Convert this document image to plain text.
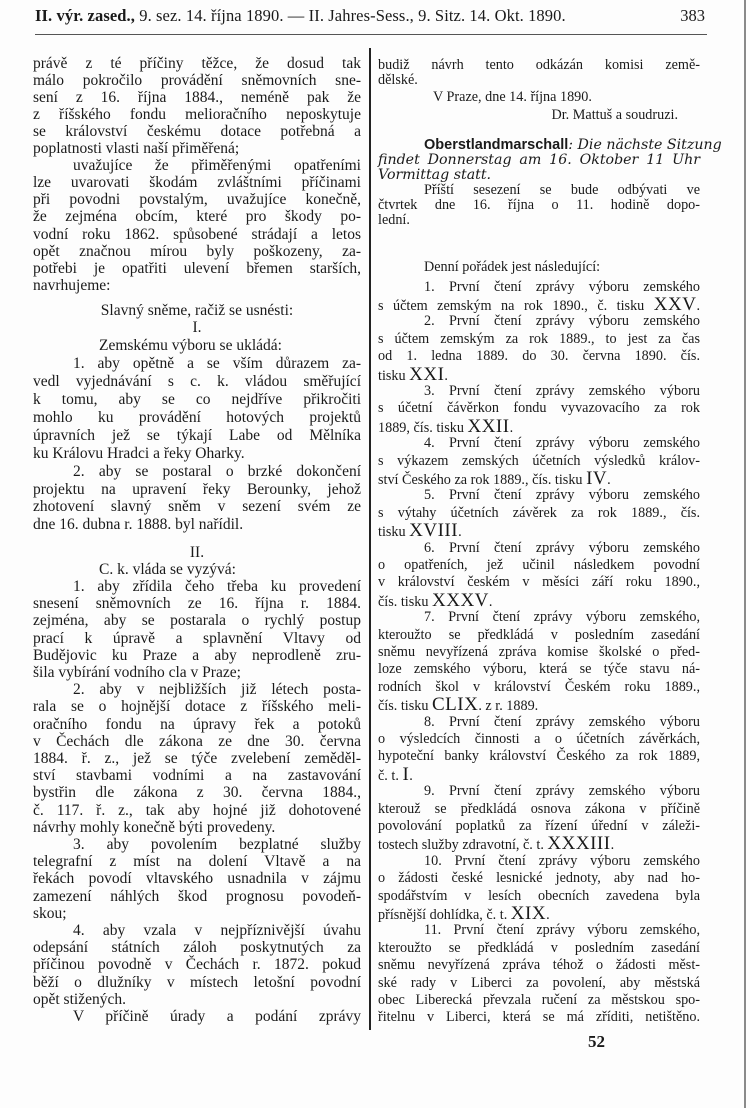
II. výr. zased., 9. sez. 14. října 1890. — II. Jahres-Sess., 9. Sitz. 14. Okt. 1890.	383
právě z té příčiny těžce, že dosud tak
málo pokročilo provádění sněmovních sne-
sení z 16. října 1884., neméně pak že
z říšského fondu melioračního neposkytuje
se království českému dotace potřebná a
poplatnosti vlasti naší přiměřená;
uvažujíce že přiměřenými opatřeními
lze uvarovati škodám zvláštními příčinami
při povodni povstalým, uvažujíce konečně,
že zejména obcím, které pro škody po-
vodní roku 1862. spůsobené strádají a letos
opět značnou mírou byly poškozeny, za-
potřebi je opatřiti ulevení břemen starších,
navrhujeme:
Slavný sněme, račiž se usnésti:
I.
Zemskému výboru se ukládá:
1. aby opětně a se vším důrazem za-
vedl vyjednávání s c. k. vládou směřující
k tomu, aby se co nejdříve přikročiti
mohlo ku provádění hotových projektů
úpravních jež se týkají Labe od Mělníka
ku Královu Hradci a řeky Oharky.
2. aby se postaral o brzké dokončení
projektu na upravení řeky Berounky, jehož
zhotovení slavný sněm v sezení svém ze
dne 16. dubna r. 1888. byl nařídil.
II.
C. k. vláda se vyzývá:
1. aby zřídila čeho třeba ku provedení
snesení sněmovních ze 16. října r. 1884.
zejména, aby se postarala o rychlý postup
prací k úpravě a splavnění Vltavy od
Budějovic ku Praze a aby neprodleně zru-
šila vybírání vodního cla v Praze;
2. aby v nejbližších již létech posta-
rala se o hojnější dotace z říšského meli-
oračního fondu na úpravy řek a potoků
v Čechách dle zákona ze dne 30. června
1884. ř. z., jež se týče zvelebení zeměděl-
ství stavbami vodními a na zastavování
bystřin dle zákona z 30. června 1884.,
č. 117. ř. z., tak aby hojné již dohotovené
návrhy mohly konečně býti provedeny.
3. aby povolením bezplatné služby
telegrafní z míst na dolení Vltavě a na
řekách povodí vltavského usnadnila v zájmu
zamezení náhlých škod prognosu povodeň-
skou;
4. aby vzala v nejpříznivější úvahu
odepsání státních záloh poskytnutých za
příčinou povodně v Čechách r. 1872. pokud
běží o dlužníky v místech letošní povodní
opět stižených.
V příčině úrady a podání zprávy
budiž návrh tento odkázán komisi země-
dělské.
V Praze, dne 14. října 1890.
Dr. Mattuš a soudruzi.
Oberstlandmarschall: Die nächste Sitzung
findet Donnerstag am 16. Oktober 11 Uhr
Vormittag statt.
Příští sesezení se bude odbývati ve
čtvrtek dne 16. října o 11. hodině dopo-
lední.
Denní pořádek jest následující:
1. První čtení zprávy výboru zemského
s účtem zemským na rok 1890., č. tisku XXV.
2. První čtení zprávy výboru zemského
s účtem zemským za rok 1889., to jest za čas
od 1. ledna 1889. do 30. června 1890. čís.
tisku XXI.
3. První čtení zprávy zemského výboru
s účetní čávěrkon fondu vyvazovacího za rok
1889, čís. tisku XXII.
4. První čtení zprávy výboru zemského
s výkazem zemských účetních výsledků králov-
ství Českého za rok 1889., čís. tisku IV.
5. První čtení zprávy výboru zemského
s výtahy účetních závěrek za rok 1889., čís.
tisku XVIII.
6. První čtení zprávy výboru zemského
o opatřeních, jež učinil následkem povodní
v království českém v měsíci září roku 1890.,
čís. tisku XXXV.
7. První čtení zprávy výboru zemského,
kteroužto se předkládá v posledním zasedání
sněmu nevyřízená zpráva komise školské o před-
loze zemského výboru, která se týče stavu ná-
rodních škol v království Českém roku 1889.,
čís. tisku CLIX. z r. 1889.
8. První čtení zprávy zemského výboru
o výsledcích činnosti a o účetních závěrkách,
hypoteční banky království Českého za rok 1889,
č. t. I.
9. První čtení zprávy zemského výboru
kterouž se předkládá osnova zákona v příčině
povolování poplatků za řízení úřední v záleži-
tostech služby zdravotní, č. t. XXXIII.
10. První čtení zprávy výboru zemského
o žádosti české lesnické jednoty, aby nad ho-
spodářstvím v lesích obecních zavedena byla
přísnější dohlídka, č. t. XIX.
11. První čtení zprávy výboru zemského,
kteroužto se předkládá v posledním zasedání
sněmu nevyřízená zpráva téhož o žádosti měst-
ské rady v Liberci za povolení, aby městská
obec Liberecká převzala ručení za městskou spo-
řitelnu v Liberci, která se má zříditi, netištěno.
52
